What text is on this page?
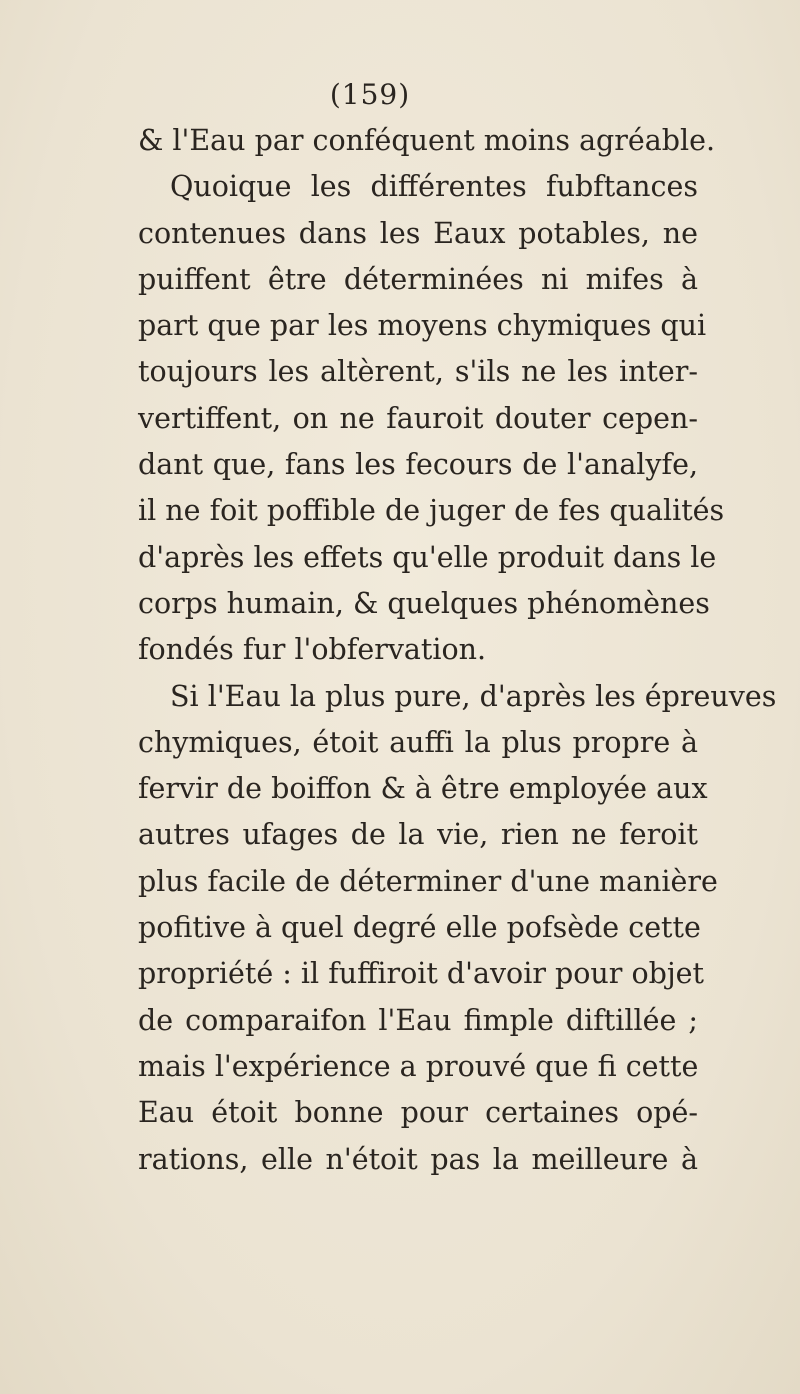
(159)
& l'Eau par conféquent moins agréable.
Quoique les différentes fubftances
contenues dans les Eaux potables, ne
puiffent être déterminées ni mifes à
part que par les moyens chymiques qui
toujours les altèrent, s'ils ne les inter-
vertiffent, on ne fauroit douter cepen-
dant que, fans les fecours de l'analyfe,
il ne foit poffible de juger de fes qualités
d'après les effets qu'elle produit dans le
corps humain, & quelques phénomènes
fondés fur l'obfervation.
Si l'Eau la plus pure, d'après les épreuves
chymiques, étoit auffi la plus propre à
fervir de boiffon & à être employée aux
autres ufages de la vie, rien ne feroit
plus facile de déterminer d'une manière
pofitive à quel degré elle pofsède cette
propriété : il fuffiroit d'avoir pour objet
de comparaifon l'Eau fimple diftillée ;
mais l'expérience a prouvé que fi cette
Eau étoit bonne pour certaines opé-
rations, elle n'étoit pas la meilleure à
